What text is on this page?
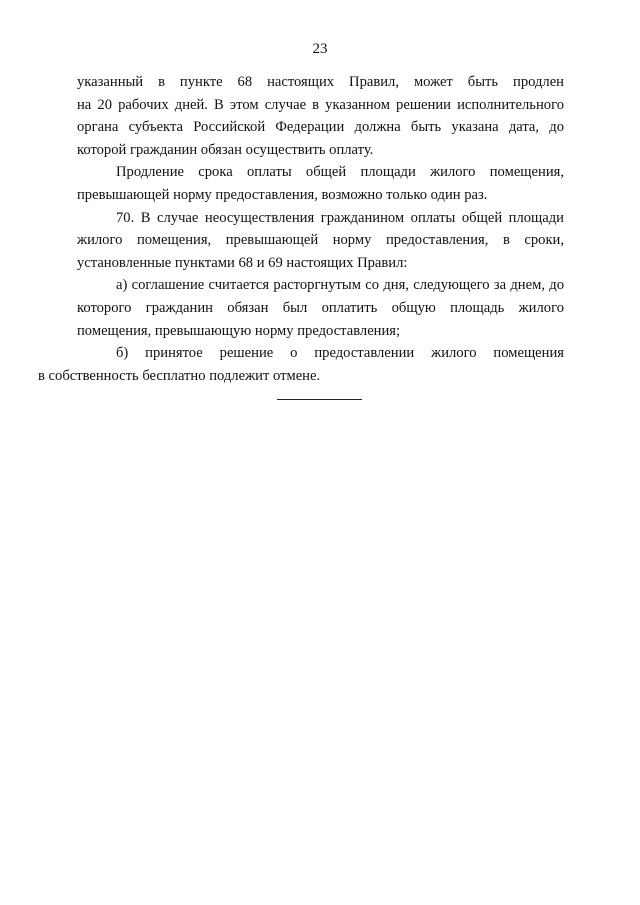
23

указанный в пункте 68 настоящих Правил, может быть продлен
на 20 рабочих дней. В этом случае в указанном решении исполнительного органа субъекта Российской Федерации должна быть указана дата, до которой гражданин обязан осуществить оплату.

Продление срока оплаты общей площади жилого помещения, превышающей норму предоставления, возможно только один раз.

70. В случае неосуществления гражданином оплаты общей площади жилого помещения, превышающей норму предоставления, в сроки, установленные пунктами 68 и 69 настоящих Правил:

а) соглашение считается расторгнутым со дня, следующего за днем, до которого гражданин обязан был оплатить общую площадь жилого помещения, превышающую норму предоставления;

б) принятое решение о предоставлении жилого помещения
в собственность бесплатно подлежит отмене.
